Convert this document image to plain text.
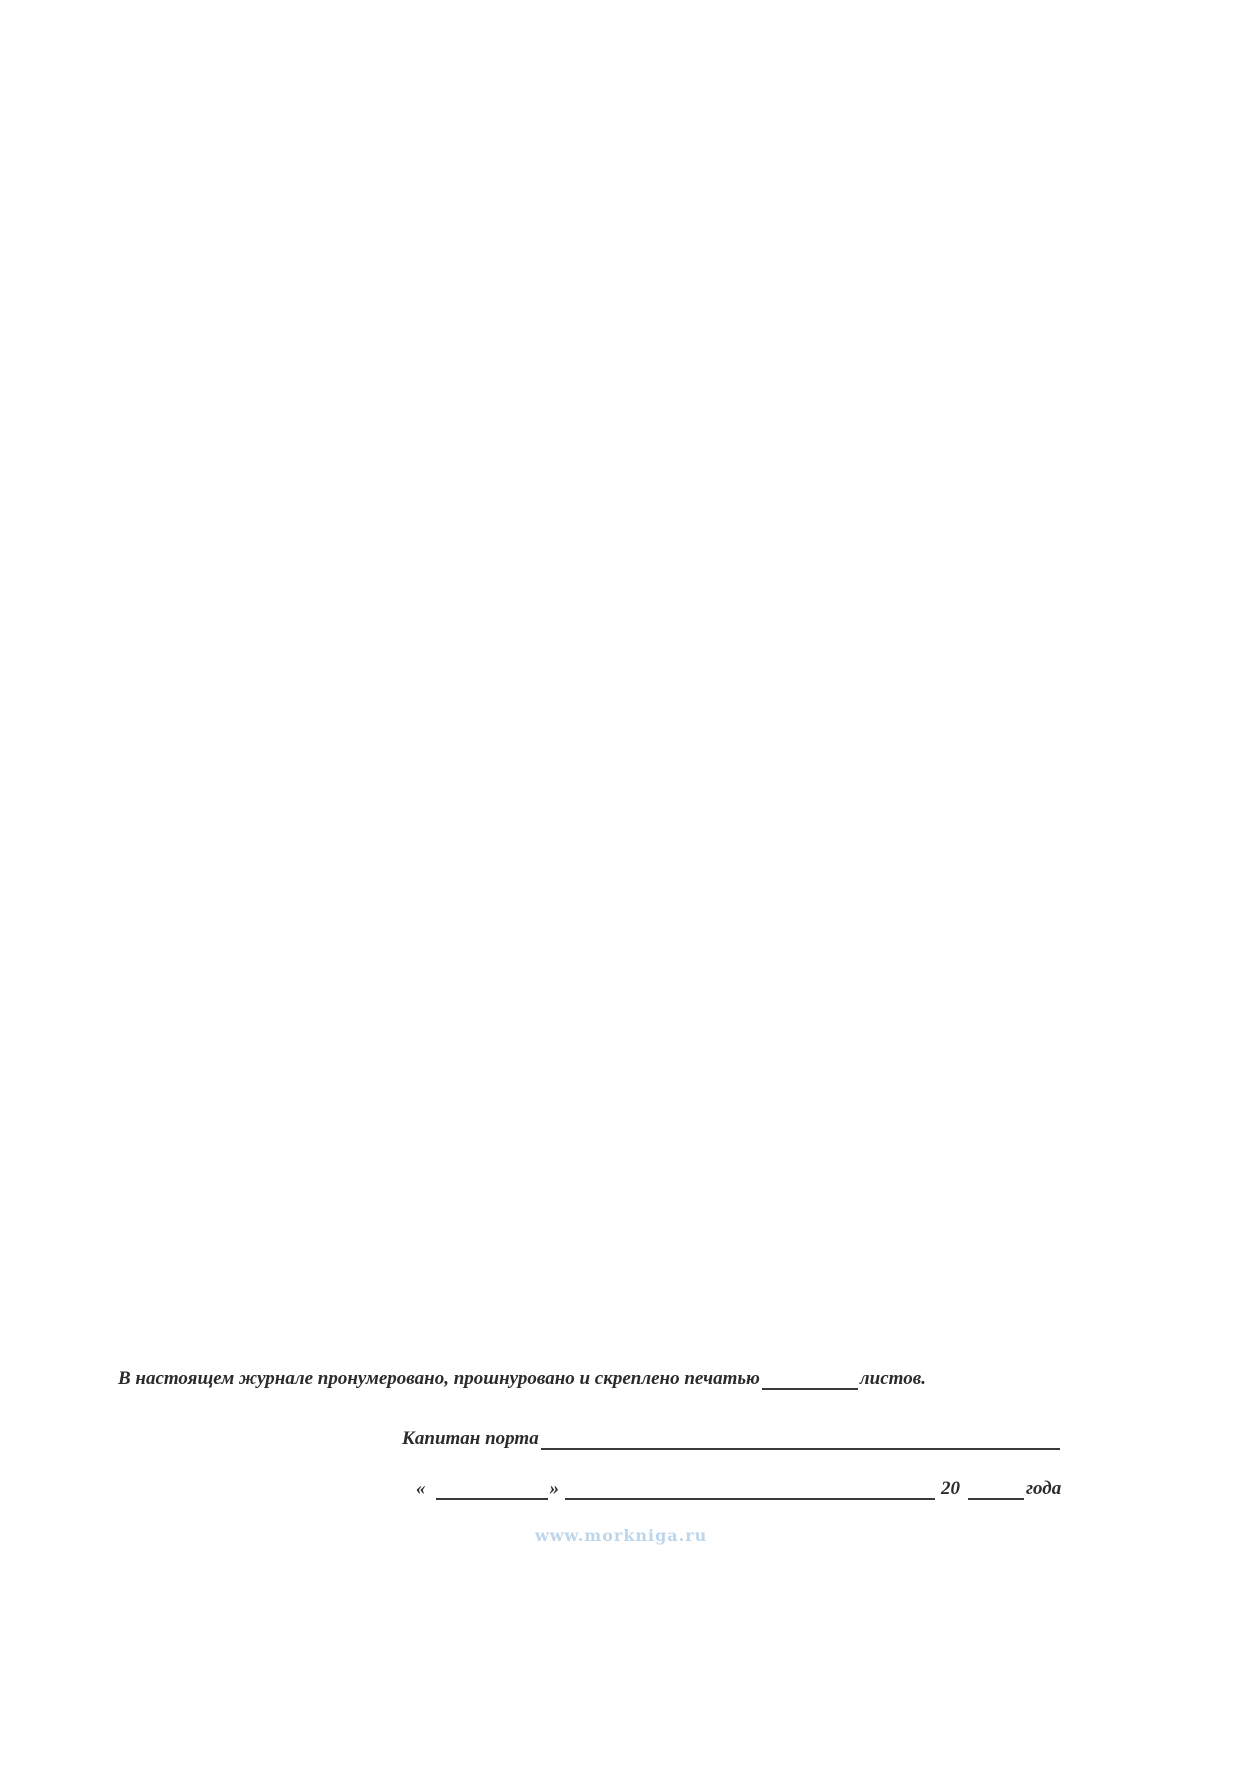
В настоящем журнале пронумеровано, прошнуровано и скреплено печатью	листов.
Капитан порта
«	»	20	года
www.morkniga.ru
